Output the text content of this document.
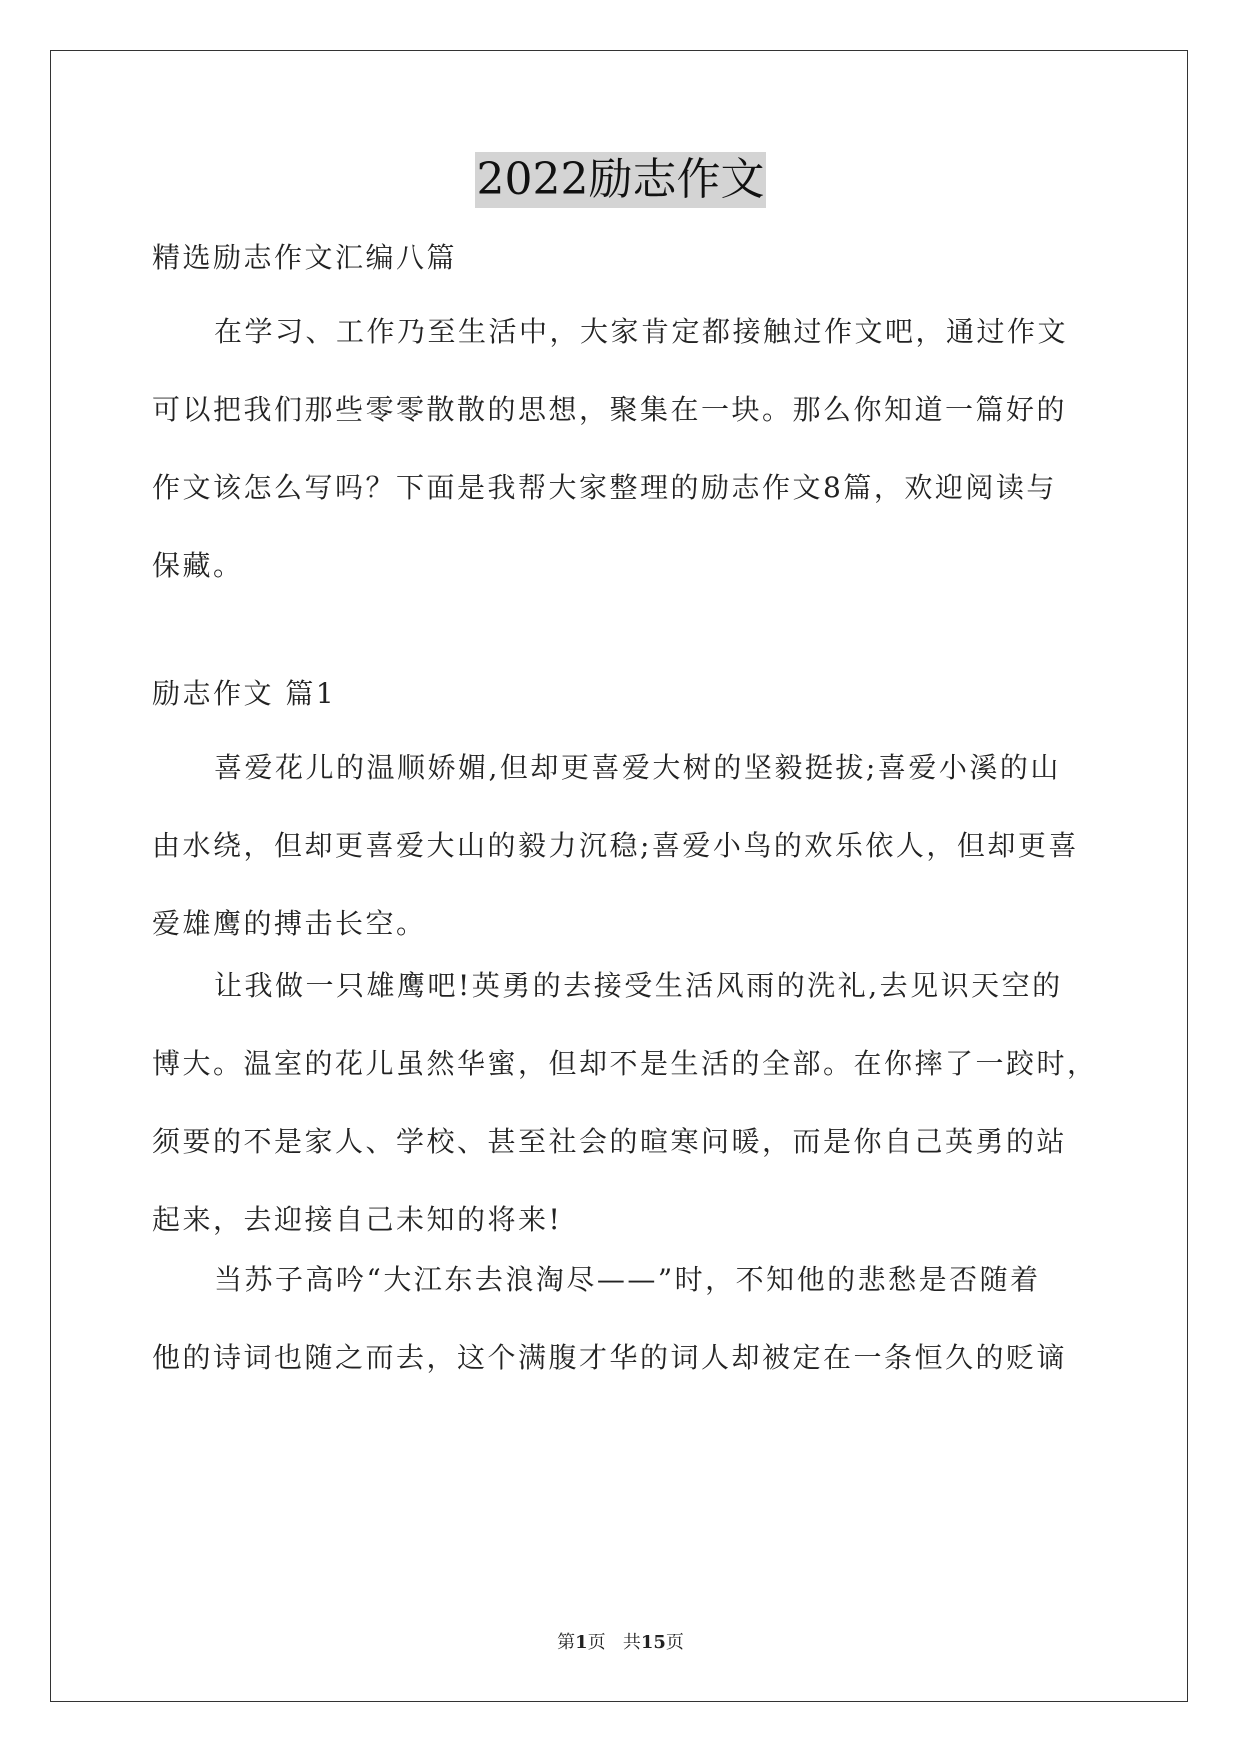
2022励志作文
精选励志作文汇编八篇
在学习、工作乃至生活中，大家肯定都接触过作文吧，通过作文
可以把我们那些零零散散的思想，聚集在一块。那么你知道一篇好的
作文该怎么写吗？下面是我帮大家整理的励志作文8篇，欢迎阅读与
保藏。
励志作文 篇1
喜爱花儿的温顺娇媚,但却更喜爱大树的坚毅挺拔;喜爱小溪的山
由水绕，但却更喜爱大山的毅力沉稳;喜爱小鸟的欢乐依人，但却更喜
爱雄鹰的搏击长空。
让我做一只雄鹰吧!英勇的去接受生活风雨的洗礼,去见识天空的
博大。温室的花儿虽然华蜜，但却不是生活的全部。在你摔了一跤时，
须要的不是家人、学校、甚至社会的暄寒问暖，而是你自己英勇的站
起来，去迎接自己未知的将来!
当苏子高吟“大江东去浪淘尽——”时，不知他的悲愁是否随着
他的诗词也随之而去，这个满腹才华的词人却被定在一条恒久的贬谪
第1页 共15页
